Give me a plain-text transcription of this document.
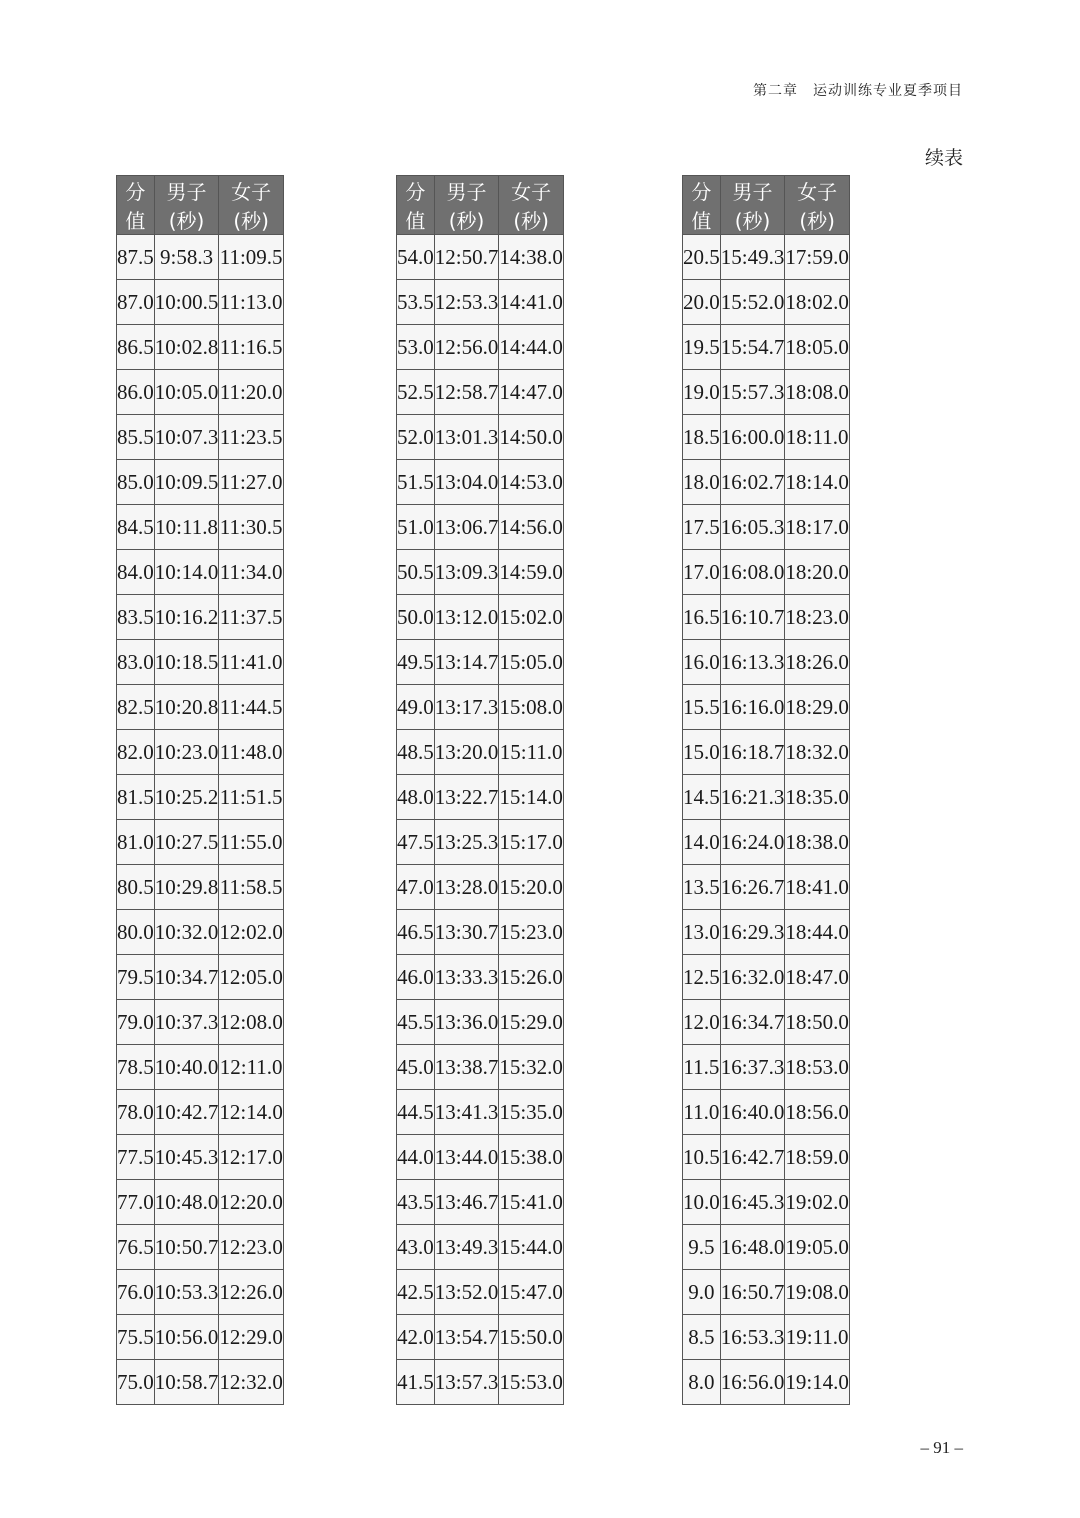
第二章　运动训练专业夏季项目
续表
分值	男子(秒)	女子(秒)
87.5	9:58.3	11:09.5
87.0	10:00.5	11:13.0
86.5	10:02.8	11:16.5
86.0	10:05.0	11:20.0
85.5	10:07.3	11:23.5
85.0	10:09.5	11:27.0
84.5	10:11.8	11:30.5
84.0	10:14.0	11:34.0
83.5	10:16.2	11:37.5
83.0	10:18.5	11:41.0
82.5	10:20.8	11:44.5
82.0	10:23.0	11:48.0
81.5	10:25.2	11:51.5
81.0	10:27.5	11:55.0
80.5	10:29.8	11:58.5
80.0	10:32.0	12:02.0
79.5	10:34.7	12:05.0
79.0	10:37.3	12:08.0
78.5	10:40.0	12:11.0
78.0	10:42.7	12:14.0
77.5	10:45.3	12:17.0
77.0	10:48.0	12:20.0
76.5	10:50.7	12:23.0
76.0	10:53.3	12:26.0
75.5	10:56.0	12:29.0
75.0	10:58.7	12:32.0
分值	男子(秒)	女子(秒)
54.0	12:50.7	14:38.0
53.5	12:53.3	14:41.0
53.0	12:56.0	14:44.0
52.5	12:58.7	14:47.0
52.0	13:01.3	14:50.0
51.5	13:04.0	14:53.0
51.0	13:06.7	14:56.0
50.5	13:09.3	14:59.0
50.0	13:12.0	15:02.0
49.5	13:14.7	15:05.0
49.0	13:17.3	15:08.0
48.5	13:20.0	15:11.0
48.0	13:22.7	15:14.0
47.5	13:25.3	15:17.0
47.0	13:28.0	15:20.0
46.5	13:30.7	15:23.0
46.0	13:33.3	15:26.0
45.5	13:36.0	15:29.0
45.0	13:38.7	15:32.0
44.5	13:41.3	15:35.0
44.0	13:44.0	15:38.0
43.5	13:46.7	15:41.0
43.0	13:49.3	15:44.0
42.5	13:52.0	15:47.0
42.0	13:54.7	15:50.0
41.5	13:57.3	15:53.0
分值	男子(秒)	女子(秒)
20.5	15:49.3	17:59.0
20.0	15:52.0	18:02.0
19.5	15:54.7	18:05.0
19.0	15:57.3	18:08.0
18.5	16:00.0	18:11.0
18.0	16:02.7	18:14.0
17.5	16:05.3	18:17.0
17.0	16:08.0	18:20.0
16.5	16:10.7	18:23.0
16.0	16:13.3	18:26.0
15.5	16:16.0	18:29.0
15.0	16:18.7	18:32.0
14.5	16:21.3	18:35.0
14.0	16:24.0	18:38.0
13.5	16:26.7	18:41.0
13.0	16:29.3	18:44.0
12.5	16:32.0	18:47.0
12.0	16:34.7	18:50.0
11.5	16:37.3	18:53.0
11.0	16:40.0	18:56.0
10.5	16:42.7	18:59.0
10.0	16:45.3	19:02.0
9.5	16:48.0	19:05.0
9.0	16:50.7	19:08.0
8.5	16:53.3	19:11.0
8.0	16:56.0	19:14.0
– 91 –
